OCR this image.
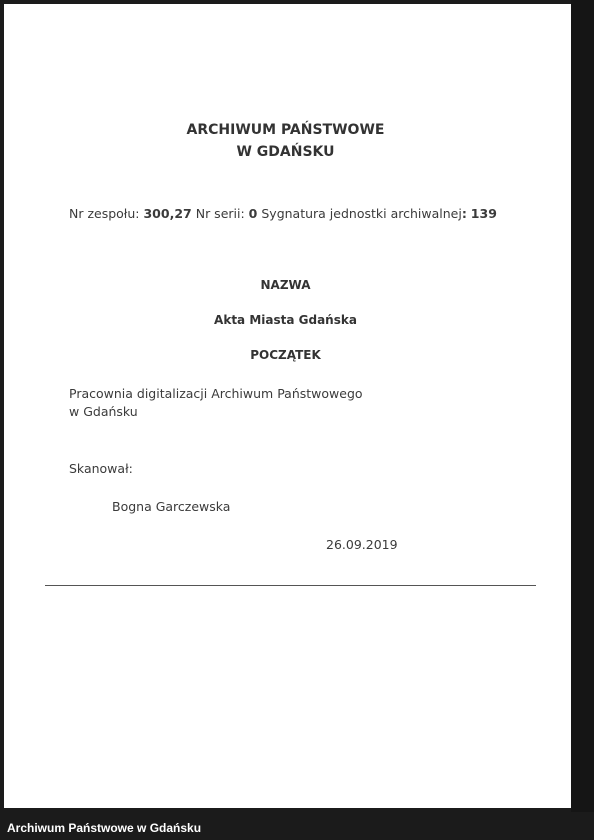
ARCHIWUM PAŃSTWOWE
W GDAŃSKU
Nr zespołu: 300,27 Nr serii: 0 Sygnatura jednostki archiwalnej: 139
NAZWA
Akta Miasta Gdańska
POCZĄTEK
Pracownia digitalizacji Archiwum Państwowego
w Gdańsku
Skanował:
Bogna Garczewska
26.09.2019
Archiwum Państwowe w Gdańsku
